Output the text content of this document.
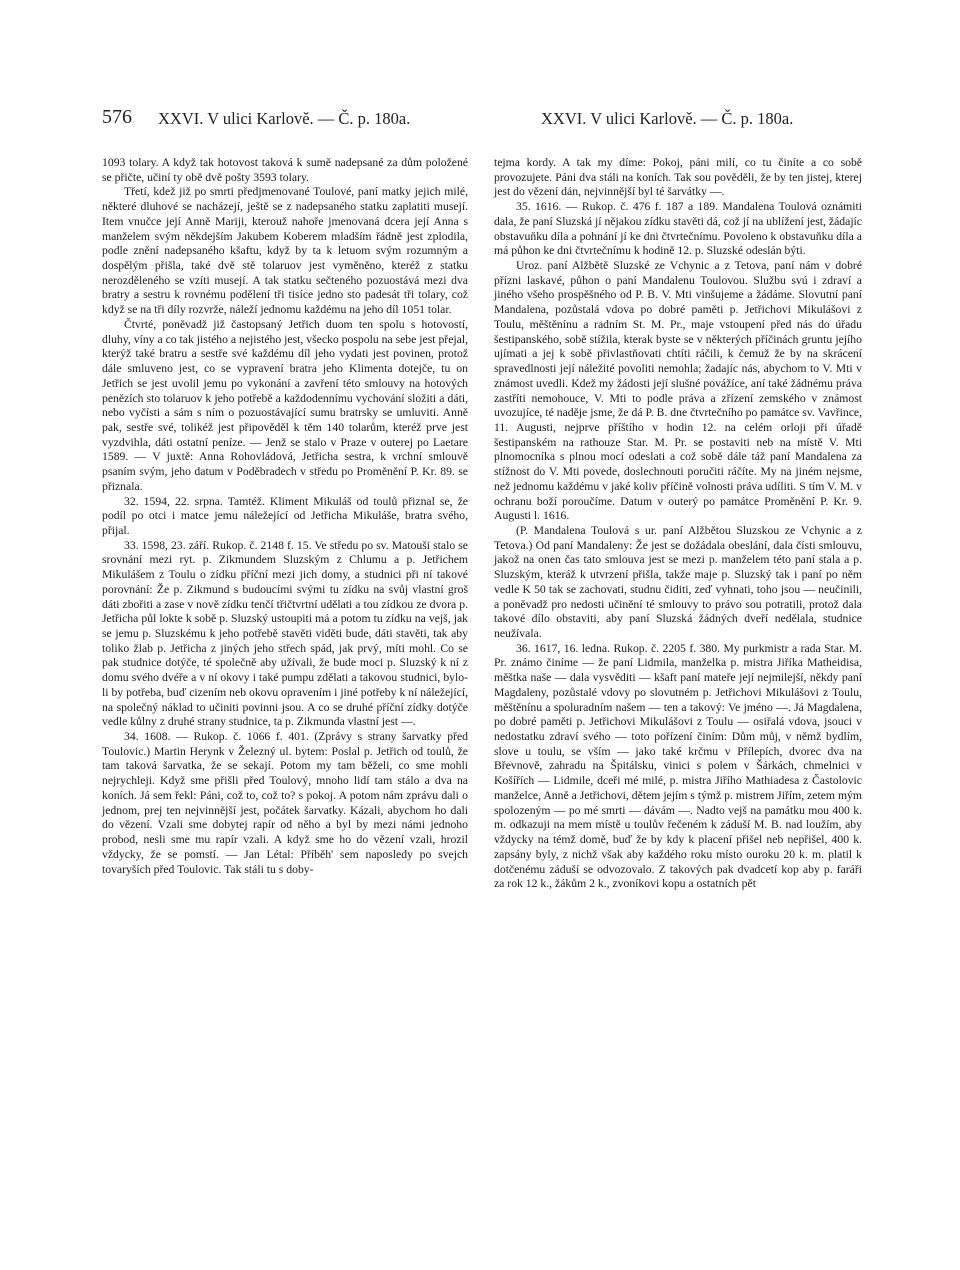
576 XXVI. V ulici Karlově. — Č. p. 180a.	XXVI. V ulici Karlově. — Č. p. 180a.

1093 tolary. A když tak hotovost taková k sumě nadepsané za dům položené se přičte, učiní ty obě dvě pošty 3593 tolary.

Třetí, kdež již po smrti předjmenované Toulové, paní matky jejich milé, některé dluhové se nacházejí, ještě se z nadepsaného statku zaplatiti musejí. Item vnučce její Anně Mariji, kterouž nahoře jmenovaná dcera její Anna s manželem svým někdejším Jakubem Koberem mladším řádně jest zplodila, podle znění nadepsaného kšaftu, když by ta k letuom svým rozumným a dospělým přišla, také dvě stě tolaruov jest vyměněno, kteréž z statku nerozděleného se vzíti musejí. A tak statku sečteného pozuostává mezi dva bratry a sestru k rovnému podělení tři tisíce jedno sto padesát tři tolary, což když se na tři díly rozvrže, náleží jednomu každému na jeho díl 1051 tolar.

Čtvrté, poněvadž již častopsaný Jetřich duom ten spolu s hotovostí, dluhy, víny a co tak jistého a nejistého jest, všecko pospolu na sebe jest přejal, kterýž také bratru a sestře své každému díl jeho vydati jest povinen, protož dále smluveno jest, co se vypravení bratra jeho Klimenta dotejče, tu on Jetřich se jest uvolil jemu po vykonání a zavření této smlouvy na hotových penězích sto tolaruov k jeho potřebě a každodennímu vychování složiti a dáti, nebo vyčísti a sám s ním o pozuostávající sumu bratrsky se umluviti. Anně pak, sestře své, tolikéž jest připověděl k těm 140 tolarům, kteréž prve jest vyzdvihla, dáti ostatní peníze. — Jenž se stalo v Praze v outerej po Laetare 1589. — V juxtě: Anna Rohovládová, Jetřicha sestra, k vrchní smlouvě psaním svým, jeho datum v Poděbradech v středu po Proměnění P. Kr. 89. se přiznala.

32. 1594, 22. srpna. Tamtéž. Kliment Mikuláš od toulů přiznal se, že podíl po otci i matce jemu náležející od Jetřicha Mikuláše, bratra svého, přijal.

33. 1598, 23. září. Rukop. č. 2148 f. 15. Ve středu po sv. Matouši stalo se srovnání mezi ryt. p. Zikmundem Sluzským z Chlumu a p. Jetřichem Mikulášem z Toulu o zídku příční mezi jich domy, a studnici při ní takové porovnání: Že p. Zikmund s budoucími svými tu zídku na svůj vlastní groš dáti zbořiti a zase v nově zídku tenčí třičtvrtní udělati a tou zídkou ze dvora p. Jetřicha půl lokte k sobě p. Sluzský ustoupiti má a potom tu zídku na vejš, jak se jemu p. Sluzskému k jeho potřebě stavěti viděti bude, dáti stavěti, tak aby toliko žlab p. Jetřicha z jiných jeho střech spád, jak prvý, míti mohl. Co se pak studnice dotýče, té společně aby užívali, že bude moci p. Sluzský k ní z domu svého dvéře a v ní okovy i také pumpu zdělati a takovou studnici, bylo-li by potřeba, buď cizením neb okovu opravením i jiné potřeby k ní náležející, na společný náklad to učiniti povinni jsou. A co se druhé příční zídky dotýče vedle kůlny z druhé strany studnice, ta p. Zikmunda vlastní jest —.

34. 1608. — Rukop. č. 1066 f. 401. (Zprávy s strany šarvatky před Toulovic.) Martin Herynk v Železný ul. bytem: Poslal p. Jetřich od toulů, že tam taková šarvatka, že se sekají. Potom my tam běželi, co sme mohli nejrychleji. Když sme přišli před Toulový, mnoho lidí tam stálo a dva na koních. Já sem řekl: Páni, což to, což to? s pokoj. A potom nám zprávu dali o jednom, prej ten nejvinnější jest, počátek šarvatky. Kázali, abychom ho dali do vězení. Vzali sme dobytej rapír od něho a byl by mezi námi jednoho probod, nesli sme mu rapír vzali. A když sme ho do vězení vzali, hrozil vždycky, že se pomstí. — Jan Létal: Příběh' sem naposledy po svejch tovaryších před Toulovic. Tak stáli tu s doby-

tejma kordy. A tak my díme: Pokoj, páni milí, co tu činíte a co sobě provozujete. Páni dva stáli na koních. Tak sou pověděli, že by ten jistej, kterej jest do vězení dán, nejvinnější byl té šarvátky —.

35. 1616. — Rukop. č. 476 f. 187 a 189. Mandalena Toulová oznámiti dala, že paní Sluzská jí nějakou zídku stavěti dá, což jí na ublížení jest, žádajíc obstavuňku díla a pohnání jí ke dni čtvrtečnímu. Povoleno k obstavuňku díla a má půhon ke dni čtvrtečnímu k hodině 12. p. Sluzské odeslán býti.

Uroz. paní Alžbětě Sluzské ze Vchynic a z Tetova, paní nám v dobré přízni laskavé, půhon o paní Mandalenu Toulovou. Službu svú i zdraví a jiného všeho prospěšného od P. B. V. Mti vinšujeme a žádáme. Slovutní paní Mandalena, pozůstalá vdova po dobré paměti p. Jetřichovi Mikulášovi z Toulu, měštěnínu a radním St. M. Pr., maje vstoupení před nás do úřadu šestipanského, sobě stížila, kterak byste se v některých příčinách gruntu jejího ujímati a jej k sobě přivlastňovati chtíti ráčili, k čemuž že by na skrácení spravedlnosti její náležité povoliti nemohla; žadajíc nás, abychom to V. Mti v známost uvedli. Kdež my žádosti její slušné povážíce, aní také žádnému práva zastříti nemohouce, V. Mti to podle práva a zřízení zemského v známost uvozujíce, té naděje jsme, že dá P. B. dne čtvrtečního po památce sv. Vavřince, 11. Augusti, nejprve příštího v hodin 12. na celém orloji při úřadě šestipanském na rathouze Star. M. Pr. se postaviti neb na místě V. Mti plnomocníka s plnou mocí odeslati a což sobě dále táž paní Mandalena za stížnost do V. Mti povede, doslechnouti poručiti ráčíte. My na jiném nejsme, než jednomu každému v jaké koliv příčině volnosti práva udíliti. S tím V. M. v ochranu boží poroučíme. Datum v outerý po památce Proměnění P. Kr. 9. Augusti l. 1616.

(P. Mandalena Toulová s ur. paní Alžbětou Sluzskou ze Vchynic a z Tetova.) Od paní Mandaleny: Že jest se dožádala obeslání, dala čísti smlouvu, jakož na onen čas tato smlouva jest se mezi p. manželem této paní stala a p. Sluzským, kteráž k utvrzení přišla, takže maje p. Sluzský tak i paní po něm vedle K 50 tak se zachovati, studnu čiditi, zeď vyhnati, toho jsou — neučinili, a poněvadž pro nedosti učinění té smlouvy to právo sou potratili, protož dala takové dílo obstaviti, aby paní Sluzská žádných dveří nedělala, studnice neužívala.

36. 1617, 16. ledna. Rukop. č. 2205 f. 380. My purkmistr a rada Star. M. Pr. známo činíme — že paní Lidmila, manželka p. mistra Jiříka Matheidisa, měštka naše — dala vysvěditi — kšaft paní mateře její nejmilejší, někdy paní Magdaleny, pozůstalé vdovy po slovutném p. Jetřichovi Mikulášovi z Toulu, měštěnínu a spoluradním našem — ten a takový: Ve jméno —. Já Magdalena, po dobré paměti p. Jetřichovi Mikulášovi z Toulu — osiřalá vdova, jsouci v nedostatku zdraví svého — toto pořízení činím: Dům můj, v němž bydlím, slove u toulu, se vším — jako také krčmu v Přílepích, dvorec dva na Břevnově, zahradu na Špitálsku, vinici s polem v Šárkách, chmelnici v Košířích — Lidmile, dceři mé milé, p. mistra Jiřího Mathiadesa z Častolovic manželce, Anně a Jetřichovi, dětem jejím s týmž p. mistrem Jiřím, zetem mým spolozeným — po mé smrti — dávám —. Nadto vejš na památku mou 400 k. m. odkazuji na mem místě u toulův řečeném k záduší M. B. nad loužím, aby vždycky na témž domě, buď že by kdy k placení přišel neb nepřišel, 400 k. zapsány byly, z nichž však aby každého roku místo ouroku 20 k. m. platil k dotčenému záduší se odvozovalo. Z takových pak dvadcetí kop aby p. faráři za rok 12 k., žákům 2 k., zvoníkovi kopu a ostatních pět
